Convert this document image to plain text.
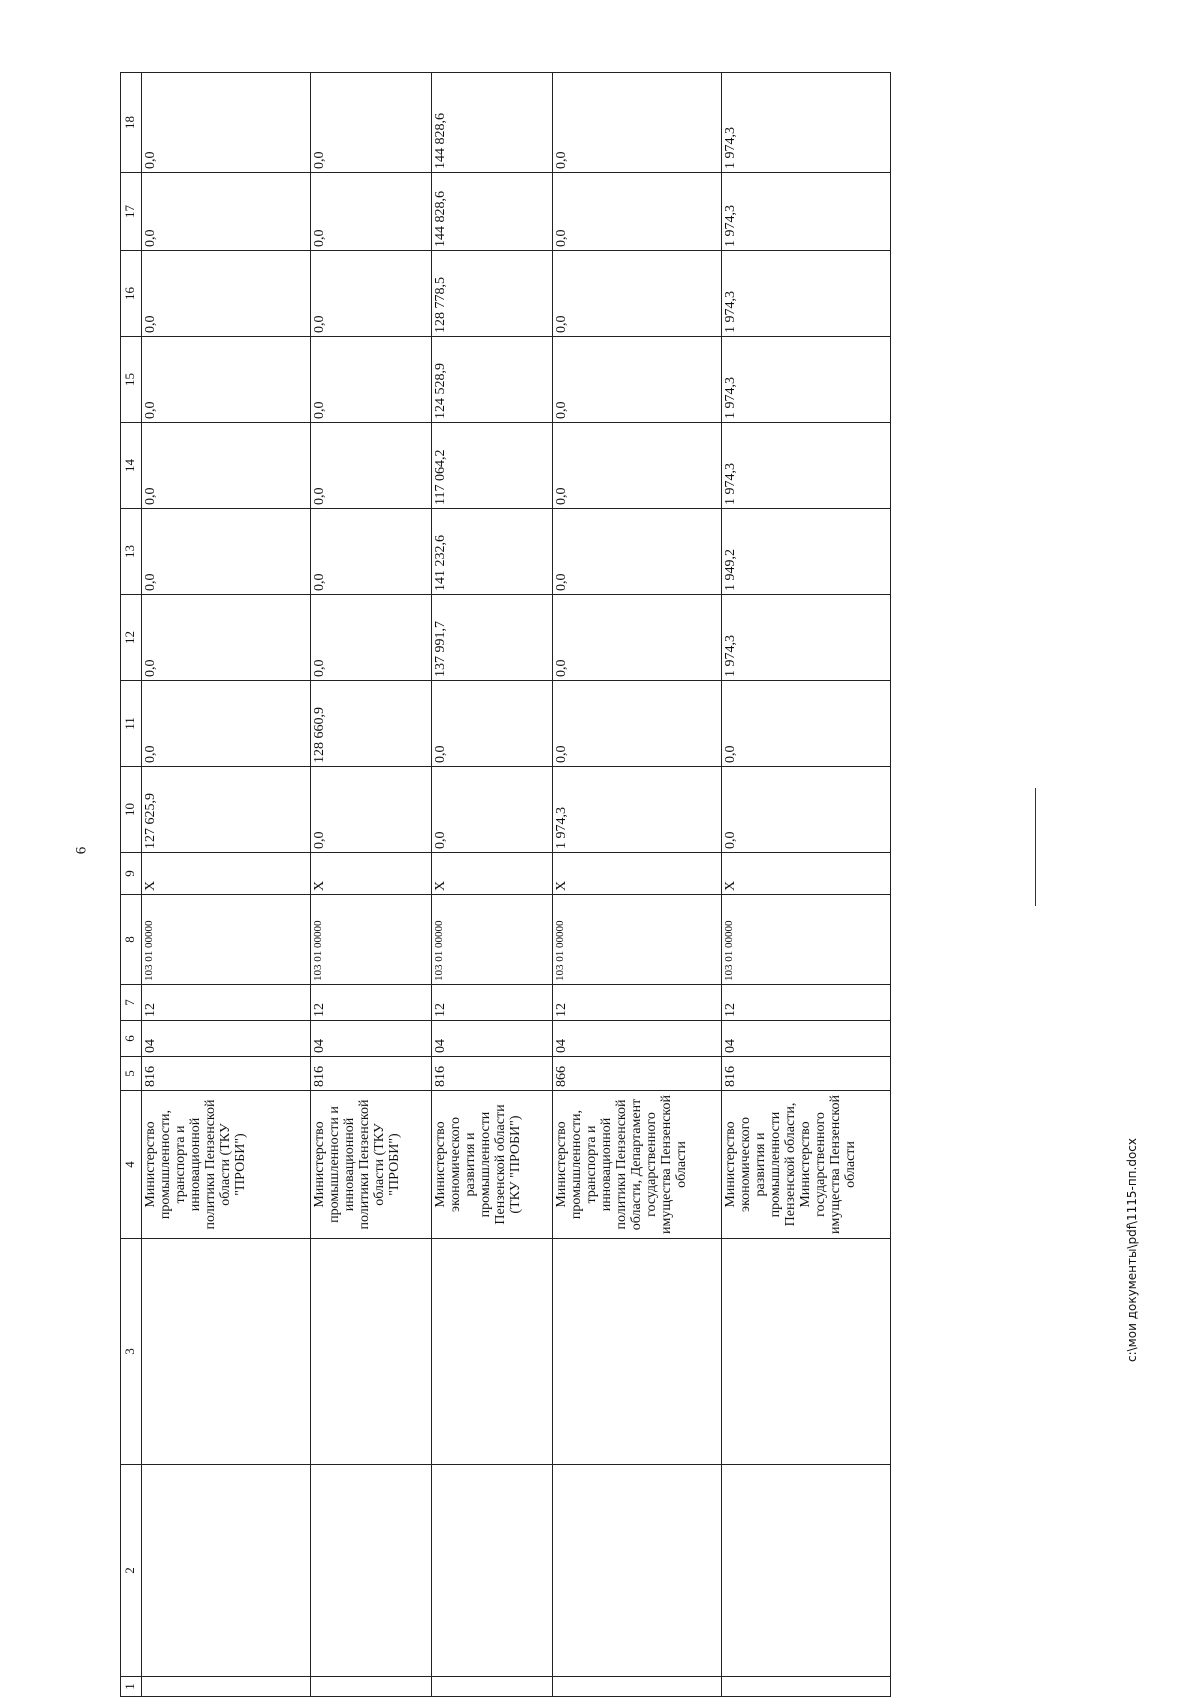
6
1	2	3	4	5	6	7	8	9	10	11	12	13	14	15	16	17	18
			Министерство промышленности, транспорта и инновационной политики Пензенской области (ТКУ "ПРОБИ")	816	04	12	103 01 00000	Х	127 625,9	0,0	0,0	0,0	0,0	0,0	0,0	0,0	0,0
			Министерство промышленности и инновационной политики Пензенской области (ТКУ "ПРОБИ")	816	04	12	103 01 00000	Х	0,0	128 660,9	0,0	0,0	0,0	0,0	0,0	0,0	0,0
			Министерство экономического развития и промышленности Пензенской области (ТКУ "ПРОБИ")	816	04	12	103 01 00000	Х	0,0	0,0	137 991,7	141 232,6	117 064,2	124 528,9	128 778,5	144 828,6	144 828,6
			Министерство промышленности, транспорта и инновационной политики Пензенской области, Департамент государственного имущества Пензенской области	866	04	12	103 01 00000	Х	1 974,3	0,0	0,0	0,0	0,0	0,0	0,0	0,0	0,0
			Министерство экономического развития и промышленности Пензенской области, Министерство государственного имущества Пензенской области	816	04	12	103 01 00000	Х	0,0	0,0	1 974,3	1 949,2	1 974,3	1 974,3	1 974,3	1 974,3	1 974,3
c:\мои документы\pdf\1115-пп.docx
